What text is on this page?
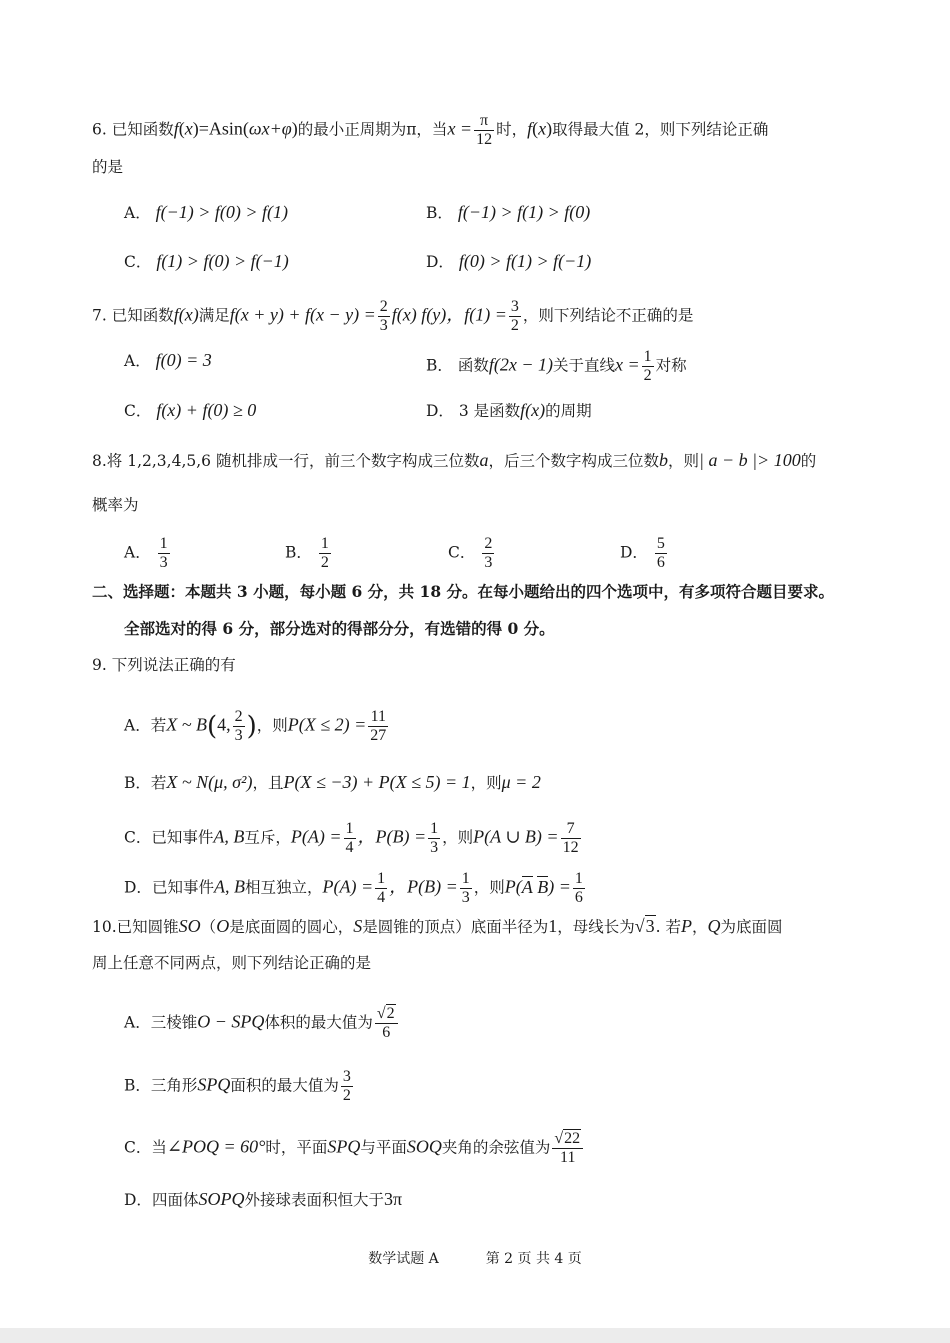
6. 已知函数f(x)=Asin(ωx+φ)的最小正周期为π，当$x = \frac{\pi}{12}$ 时，f(x)取得最大值 2，则下列结论正确
的是
A． f(−1) > f(0) > f(1)	B． f(−1) > f(1) > f(0)
C． f(1) > f(0) > f(−1)	D． f(0) > f(1) > f(−1)
7. 已知函数f(x)满足$f(x + y) + f(x - y) = \frac{2}{3} f(x)$ f(y)，$f(1) = \frac{3}{2}$ ，则下列结论不正确的是
A． f(0) = 3	B． 函数f(2x − 1)关于直线$x = \frac{1}{2}$ 对称
C． f(x) + f(0) ≥ 0	D． 3 是函数f(x)的周期
8.将 1,2,3,4,5,6 随机排成一行，前三个数字构成三位数a，后三个数字构成三位数b，则| a − b |> 100的
概率为
A． $\frac{1}{3}$	B． $\frac{1}{2}$	C． $\frac{2}{3}$	D． $\frac{5}{6}$
二、选择题：本题共 3 小题，每小题 6 分，共 18 分。在每小题给出的四个选项中，有多项符合题目要求。
全部选对的得 6 分，部分选对的得部分分，有选错的得 0 分。
9. 下列说法正确的有
A．若X ~ B(4, $\frac{2}{3}$ )，则$P(X \le 2) = \frac{11}{27}$
B．若X ~ N(μ, σ²)，且P(X ≤ −3) + P(X ≤ 5) = 1，则μ = 2
C．已知事件A, B互斥，$P(A) = \frac{1}{4}$ ，$P(B) = \frac{1}{3}$ ，则P(A ∪ $B) = \frac{7}{12}$
D．已知事件A, B相互独立，$P(A) = \frac{1}{4}$ ，$P(B) = \frac{1}{3}$ ，则P(A $B) = \frac{1}{6}$
10.已知圆锥SO（O是底面圆的圆心，S是圆锥的顶点）底面半径为1，母线长为√3. 若P，Q为底面圆
周上任意不同两点，则下列结论正确的是
A．三棱锥O − SPQ体积的最大值为 $\frac{√2}{6}$
B．三角形SPQ面积的最大值为 $\frac{3}{2}$
C．当∠POQ = 60°时，平面SPQ与平面SOQ夹角的余弦值为 $\frac{√22}{11}$
D．四面体SOPQ外接球表面积恒大于3π
数学试题 A	第 2 页 共 4 页
